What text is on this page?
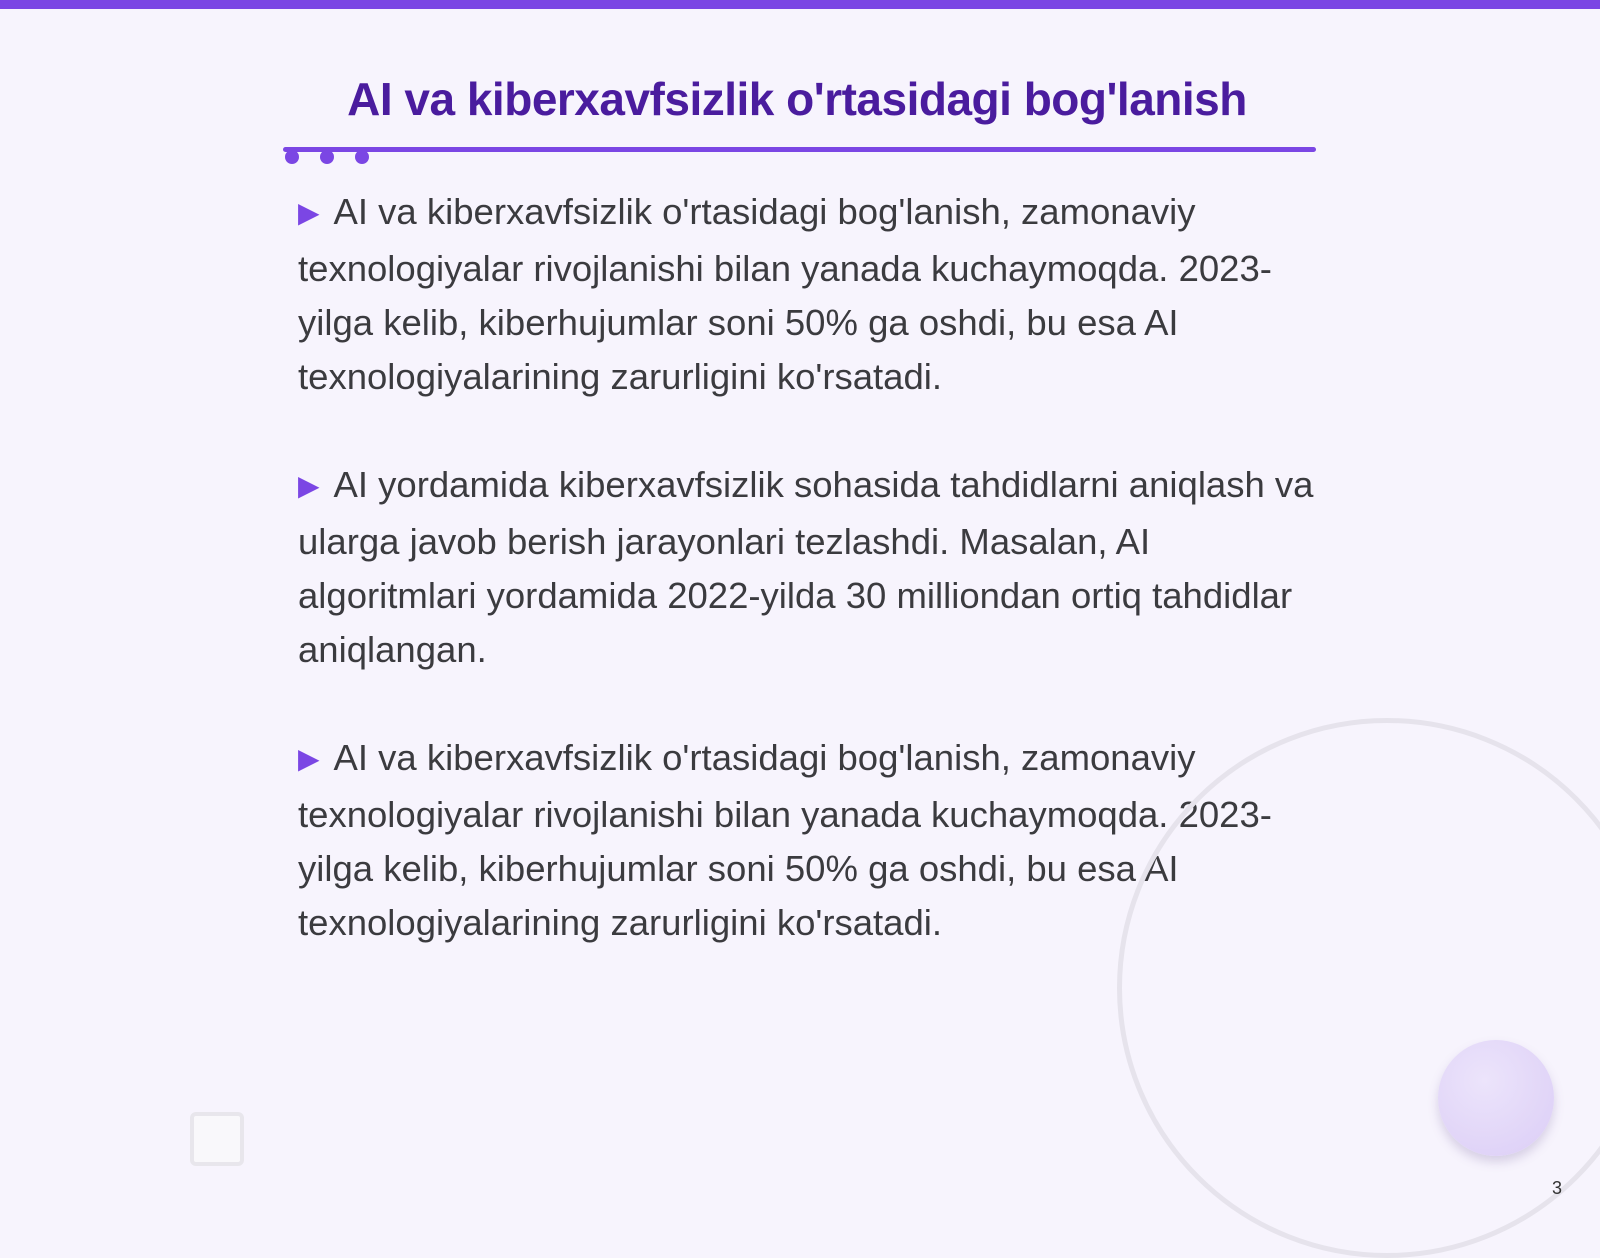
AI va kiberxavfsizlik o'rtasidagi bog'lanish

▶ AI va kiberxavfsizlik o'rtasidagi bog'lanish, zamonaviy texnologiyalar rivojlanishi bilan yanada kuchaymoqda. 2023-yilga kelib, kiberhujumlar soni 50% ga oshdi, bu esa AI texnologiyalarining zarurligini ko'rsatadi.

▶ AI yordamida kiberxavfsizlik sohasida tahdidlarni aniqlash va ularga javob berish jarayonlari tezlashdi. Masalan, AI algoritmlari yordamida 2022-yilda 30 milliondan ortiq tahdidlar aniqlangan.

▶ AI va kiberxavfsizlik o'rtasidagi bog'lanish, zamonaviy texnologiyalar rivojlanishi bilan yanada kuchaymoqda. 2023-yilga kelib, kiberhujumlar soni 50% ga oshdi, bu esa AI texnologiyalarining zarurligini ko'rsatadi.

3
